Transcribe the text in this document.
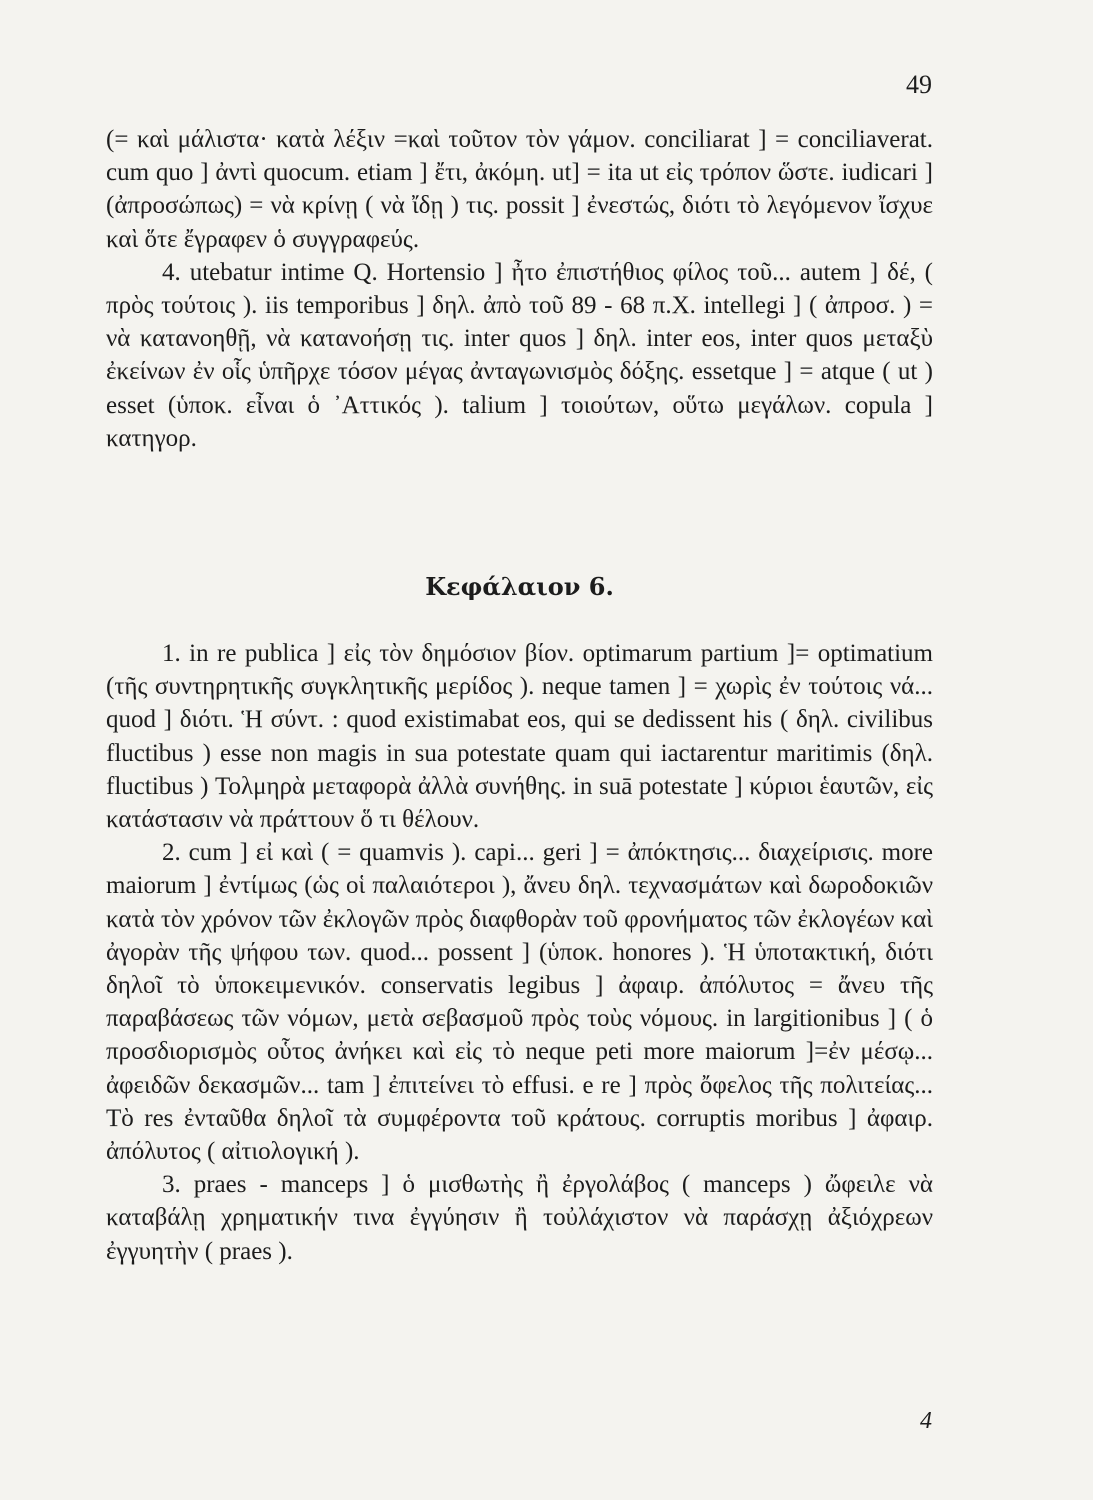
49

(= καὶ μάλιστα· κατὰ λέξιν =καὶ τοῦτον τὸν γάμον. conciliarat ] = conciliaverat. cum quo ] ἀντὶ quocum. etiam ] ἔτι, ἀκόμη. ut] = ita ut εἰς τρόπον ὥστε. iudicari ] (ἀπροσώπως) = νὰ κρίνῃ ( νὰ ἴδῃ ) τις. possit ] ἐνεστώς, διότι τὸ λεγόμενον ἴσχυε καὶ ὅτε ἔγραφεν ὁ συγγραφεύς.

4. utebatur intime Q. Hortensio ] ἦτο ἐπιστήθιος φίλος τοῦ... autem ] δέ, ( πρὸς τούτοις ). iis temporibus ] δηλ. ἀπὸ τοῦ 89 - 68 π.Χ. intellegi ] ( ἀπροσ. ) = νὰ κατανοηθῇ, νὰ κατανοήσῃ τις. inter quos ] δηλ. inter eos, inter quos μεταξὺ ἐκείνων ἐν οἷς ὑπῆρχε τόσον μέγας ἀνταγωνισμὸς δόξης. essetque ] = atque ( ut ) esset (ὑποκ. εἶναι ὁ ᾿Αττικός ). talium ] τοιούτων, οὕτω μεγάλων. copula ] κατηγορ.

Κεφάλαιον 6.

1. in re publica ] εἰς τὸν δημόσιον βίον. optimarum partium ]= optimatium (τῆς συντηρητικῆς συγκλητικῆς μερίδος ). neque tamen ] = χωρὶς ἐν τούτοις νά... quod ] διότι. Ἡ σύντ. : quod existimabat eos, qui se dedissent his ( δηλ. civilibus fluctibus ) esse non magis in sua potestate quam qui iactarentur maritimis (δηλ. fluctibus ) Τολμηρὰ μεταφορὰ ἀλλὰ συνήθης. in suā potestate ] κύριοι ἑαυτῶν, εἰς κατάστασιν νὰ πράττουν ὅ τι θέλουν.

2. cum ] εἰ καὶ ( = quamvis ). capi... geri ] = ἀπόκτησις... διαχείρισις. more maiorum ] ἐντίμως (ὡς οἱ παλαιότεροι ), ἄνευ δηλ. τεχνασμάτων καὶ δωροδοκιῶν κατὰ τὸν χρόνον τῶν ἐκλογῶν πρὸς διαφθορὰν τοῦ φρονήματος τῶν ἐκλογέων καὶ ἀγορὰν τῆς ψήφου των. quod... possent ] (ὑποκ. honores ). Ἡ ὑποτακτική, διότι δηλοῖ τὸ ὑποκειμενικόν. conservatis legibus ] ἀφαιρ. ἀπόλυτος = ἄνευ τῆς παραβάσεως τῶν νόμων, μετὰ σεβασμοῦ πρὸς τοὺς νόμους. in largitionibus ] ( ὁ προσδιορισμὸς οὗτος ἀνήκει καὶ εἰς τὸ neque peti more maiorum ]=ἐν μέσῳ... ἀφειδῶν δεκασμῶν... tam ] ἐπιτείνει τὸ effusi. e re ] πρὸς ὄφελος τῆς πολιτείας... Τὸ res ἐνταῦθα δηλοῖ τὰ συμφέροντα τοῦ κράτους. corruptis moribus ] ἀφαιρ. ἀπόλυτος ( αἰτιολογική ).

3. praes - manceps ] ὁ μισθωτὴς ἢ ἐργολάβος ( manceps ) ὤφειλε νὰ καταβάλῃ χρηματικήν τινα ἐγγύησιν ἢ τοὐλάχιστον νὰ παράσχῃ ἀξιόχρεων ἐγγυητὴν ( praes ).

4
